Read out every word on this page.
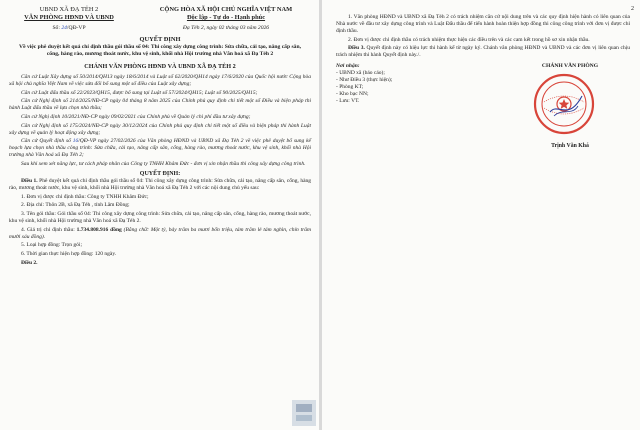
UBND XÃ ĐẠ TẺH 2
VĂN PHÒNG HĐND VÀ UBND
CỘNG HÒA XÃ HỘI CHỦ NGHĨA VIỆT NAM
Độc lập - Tự do - Hạnh phúc
Số: 24/QĐ-VP	Đạ Tẻh 2, ngày 02 tháng 03 năm 2026
QUYẾT ĐỊNH
Về việc phê duyệt kết quả chỉ định thầu gói thầu số 04: Thi công xây dựng công trình: Sửa chữa, cải tạo, nâng cấp sân, cổng, hàng rào, mương thoát nước, khu vệ sinh, khối nhà Hội trường nhà Văn hoá xã Đạ Tẻh 2
CHÁNH VĂN PHÒNG HĐND VÀ UBND XÃ ĐẠ TẺH 2

Căn cứ Luật Xây dựng số 50/2014/QH13 ngày 18/6/2014 và Luật số 62/2020/QH14 ngày 17/6/2020 của Quốc hội nước Cộng hòa xã hội chủ nghĩa Việt Nam về việc sửa đổi bổ sung một số điều của Luật xây dựng;

Căn cứ Luật đấu thầu số 22/2023/QH15, được bổ sung tại Luật số 57/2024/QH15; Luật số 90/2025/QH15;

Căn cứ Nghị định số 214/2025/NĐ-CP ngày 04 tháng 8 năm 2025 của Chính phủ quy định chi tiết một số Điều và biện pháp thi hành Luật đấu thầu về lựa chọn nhà thầu;

Căn cứ Nghị định 10/2021/NĐ-CP ngày 09/02/2021 của Chính phủ về Quản lý chi phí đầu tư xây dựng;

Căn cứ Nghị định số 175/2024/NĐ-CP ngày 30/12/2024 của Chính phủ quy định chi tiết một số điều và biện pháp thi hành Luật xây dựng về quản lý hoạt động xây dựng;

Căn cứ Quyết định số 16/QĐ-VP ngày 27/02/2026 của Văn phòng HĐND và UBND xã Đạ Tẻh 2 về việc phê duyệt bổ sung kế hoạch lựa chọn nhà thầu công trình: Sửa chữa, cải tạo, nâng cấp sân, cổng, hàng rào, mương thoát nước, khu vệ sinh, khối nhà Hội trường nhà Văn hoá xã Đạ Tẻh 2;

Sau khi xem xét năng lực, tư cách pháp nhân của Công ty TNHH Khâm Đức - đơn vị xin nhận thầu thi công xây dựng công trình.

QUYẾT ĐỊNH:

Điều 1. Phê duyệt kết quả chỉ định thầu gói thầu số 04: Thi công xây dựng công trình: Sửa chữa, cải tạo, nâng cấp sân, cổng, hàng rào, mương thoát nước, khu vệ sinh, khối nhà Hội trường nhà Văn hoá xã Đạ Tẻh 2 với các nội dung chủ yếu sau:

1. Đơn vị được chỉ định thầu: Công ty TNHH Khâm Đức;

2. Địa chỉ: Thôn 2B, xã Đạ Tẻh , tỉnh Lâm Đồng;

3. Tên gói thầu: Gói thầu số 04: Thi công xây dựng công trình: Sửa chữa, cải tạo, nâng cấp sân, cổng, hàng rào, mương thoát nước, khu vệ sinh, khối nhà Hội trường nhà Văn hoá xã Đạ Tẻh 2.

4. Giá trị chỉ định thầu: 1.734.808.916 đồng (Bằng chữ: Một tỷ, bảy trăm ba mươi bốn triệu, tám trăm lẻ tám nghìn, chín trăm mười sáu đồng).

5. Loại hợp đồng: Trọn gói;

6. Thời gian thực hiện hợp đồng: 120 ngày.

Điều 2.

2

1. Văn phòng HĐND và UBND xã Đạ Tẻh 2 có trách nhiệm căn cứ nội dung trên và các quy định hiện hành có liên quan của Nhà nước về đầu tư xây dựng công trình và Luật Đấu thầu để tiến hành hoàn thiện hợp đồng thi công công trình với đơn vị được chỉ định thầu.

2. Đơn vị được chỉ định thầu có trách nhiệm thực hiện các điều trên và các cam kết trong hồ sơ xin nhận thầu.

Điều 3. Quyết định này có hiệu lực thi hành kể từ ngày ký. Chánh văn phòng HĐND và UBND và các đơn vị liên quan chịu trách nhiệm thi hành Quyết định này./.

Nơi nhận:
- UBND xã (báo cáo);
- Như Điều 3 (thực hiện);
- Phòng KT;
- Kho bạc NN;
- Lưu: VT.
CHÁNH VĂN PHÒNG
Trịnh Văn Khá
